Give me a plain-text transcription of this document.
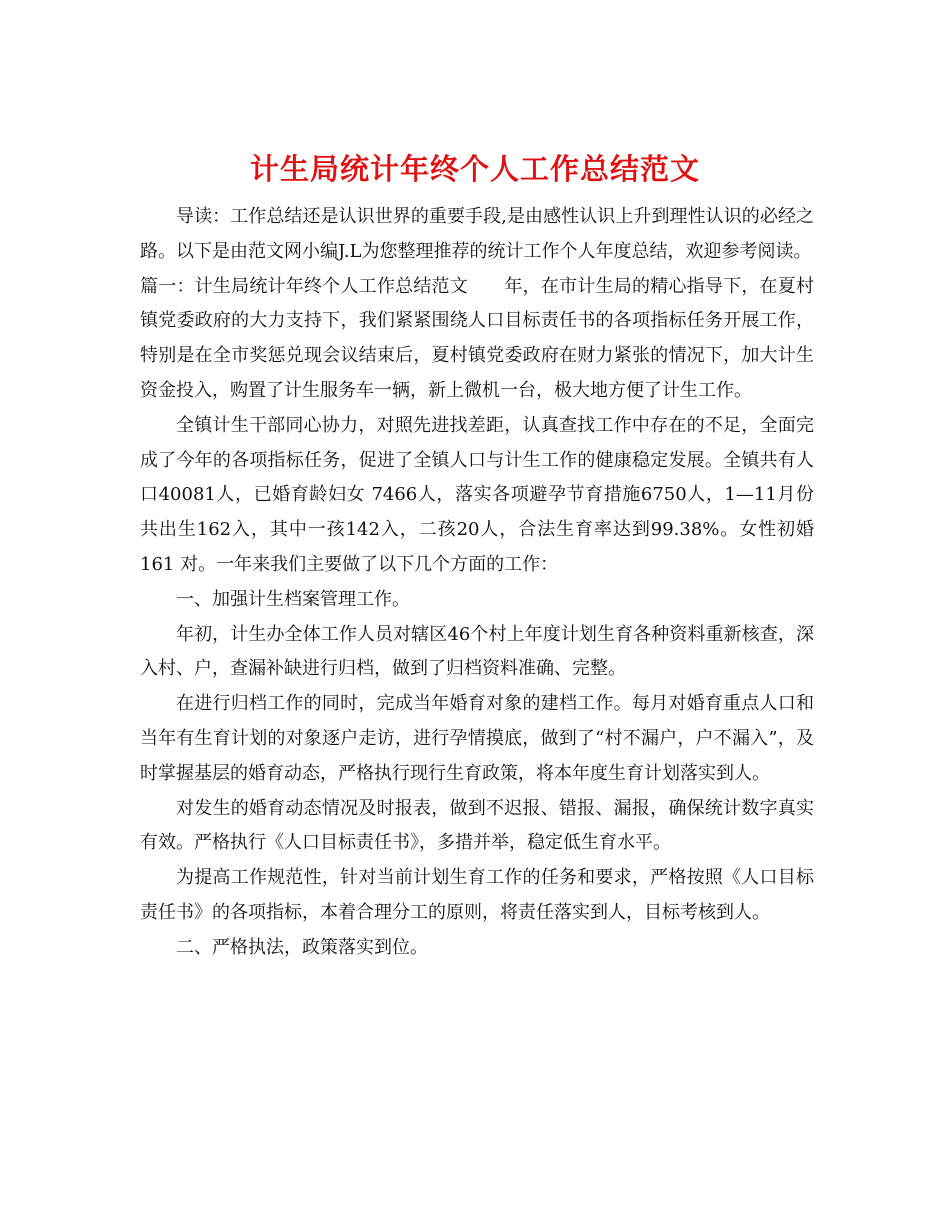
计生局统计年终个人工作总结范文

导读：工作总结还是认识世界的重要手段,是由感性认识上升到理性认识的必经之路。以下是由范文网小编J.L为您整理推荐的统计工作个人年度总结，欢迎参考阅读。

篇一：计生局统计年终个人工作总结范文　　年，在市计生局的精心指导下，在夏村镇党委政府的大力支持下，我们紧紧围绕人口目标责任书的各项指标任务开展工作，特别是在全市奖惩兑现会议结束后，夏村镇党委政府在财力紧张的情况下，加大计生资金投入，购置了计生服务车一辆，新上微机一台，极大地方便了计生工作。

全镇计生干部同心协力，对照先进找差距，认真查找工作中存在的不足，全面完成了今年的各项指标任务，促进了全镇人口与计生工作的健康稳定发展。全镇共有人口40081人，已婚育龄妇女 7466人，落实各项避孕节育措施6750人，1—11月份共出生162入，其中一孩142入，二孩20人，合法生育率达到99.38%。女性初婚161 对。一年来我们主要做了以下几个方面的工作：

一、加强计生档案管理工作。

年初，计生办全体工作人员对辖区46个村上年度计划生育各种资料重新核查，深入村、户，查漏补缺进行归档，做到了归档资料准确、完整。

在进行归档工作的同时，完成当年婚育对象的建档工作。每月对婚育重点人口和当年有生育计划的对象逐户走访，进行孕情摸底，做到了“村不漏户，户不漏入”，及时掌握基层的婚育动态，严格执行现行生育政策，将本年度生育计划落实到人。

对发生的婚育动态情况及时报表，做到不迟报、错报、漏报，确保统计数字真实有效。严格执行《人口目标责任书》，多措并举，稳定低生育水平。

为提高工作规范性，针对当前计划生育工作的任务和要求，严格按照《人口目标责任书》的各项指标，本着合理分工的原则，将责任落实到人，目标考核到人。

二、严格执法，政策落实到位。
